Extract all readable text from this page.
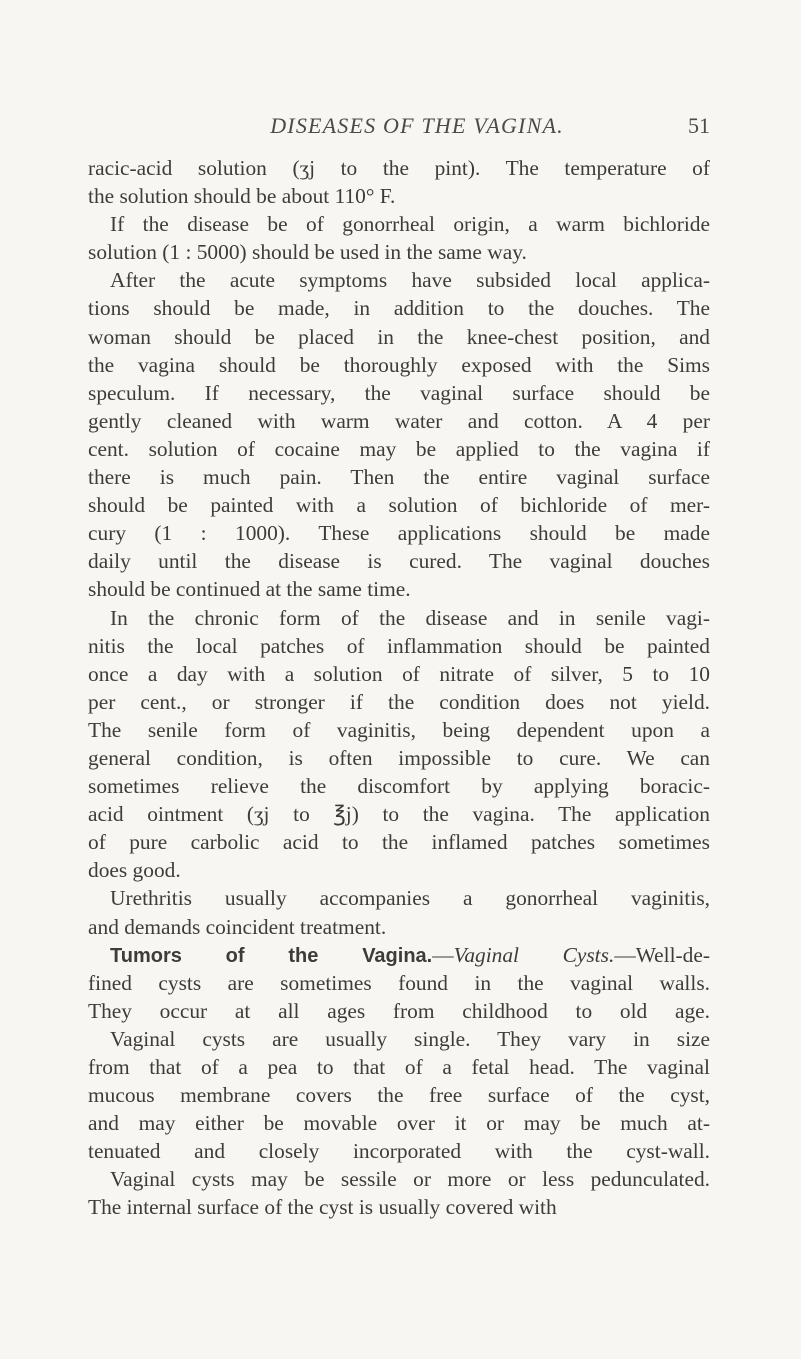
DISEASES OF THE VAGINA.	51
racic-acid solution (ʒj to the pint). The temperature of
the solution should be about 110° F.
If the disease be of gonorrheal origin, a warm bichloride
solution (1 : 5000) should be used in the same way.
After the acute symptoms have subsided local applica-
tions should be made, in addition to the douches. The
woman should be placed in the knee-chest position, and
the vagina should be thoroughly exposed with the Sims
speculum. If necessary, the vaginal surface should be
gently cleaned with warm water and cotton. A 4 per
cent. solution of cocaine may be applied to the vagina if
there is much pain. Then the entire vaginal surface
should be painted with a solution of bichloride of mer-
cury (1 : 1000). These applications should be made
daily until the disease is cured. The vaginal douches
should be continued at the same time.
In the chronic form of the disease and in senile vagi-
nitis the local patches of inflammation should be painted
once a day with a solution of nitrate of silver, 5 to 10
per cent., or stronger if the condition does not yield.
The senile form of vaginitis, being dependent upon a
general condition, is often impossible to cure. We can
sometimes relieve the discomfort by applying boracic-
acid ointment (ʒj to ℥j) to the vagina. The application
of pure carbolic acid to the inflamed patches sometimes
does good.
Urethritis usually accompanies a gonorrheal vaginitis,
and demands coincident treatment.
Tumors of the Vagina.—Vaginal Cysts.—Well-de-
fined cysts are sometimes found in the vaginal walls.
They occur at all ages from childhood to old age.
Vaginal cysts are usually single. They vary in size
from that of a pea to that of a fetal head. The vaginal
mucous membrane covers the free surface of the cyst,
and may either be movable over it or may be much at-
tenuated and closely incorporated with the cyst-wall.
Vaginal cysts may be sessile or more or less pedunculated.
The internal surface of the cyst is usually covered with
